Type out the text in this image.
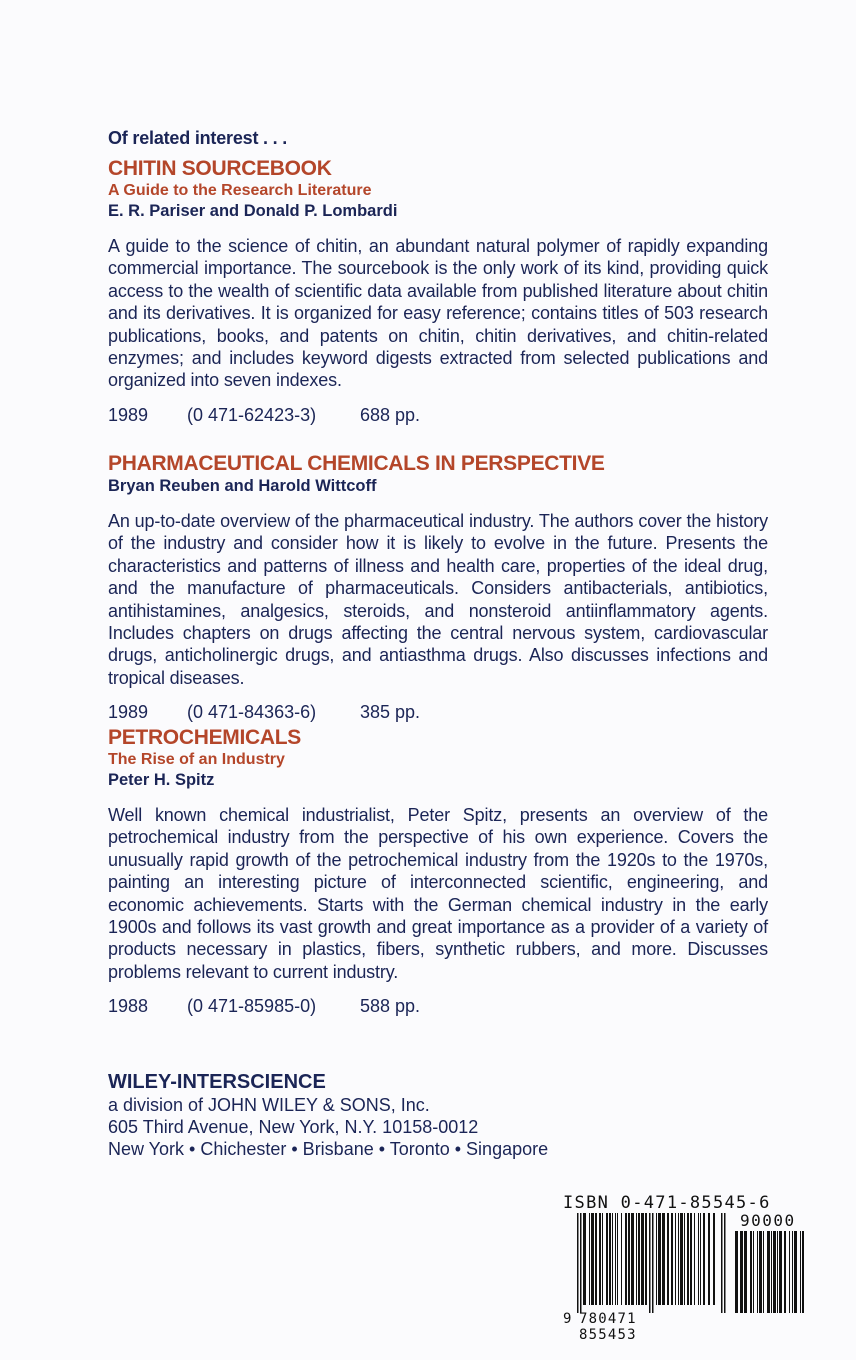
Of related interest . . .

CHITIN SOURCEBOOK

A Guide to the Research Literature

E. R. Pariser and Donald P. Lombardi

A guide to the science of chitin, an abundant natural polymer of rapidly expanding commercial importance. The sourcebook is the only work of its kind, providing quick access to the wealth of scientific data available from published literature about chitin and its derivatives. It is organized for easy reference; contains titles of 503 research publications, books, and patents on chitin, chitin derivatives, and chitin-related enzymes; and includes keyword digests extracted from selected publications and organized into seven indexes.

1989 (0 471-62423-3) 688 pp.

PHARMACEUTICAL CHEMICALS IN PERSPECTIVE

Bryan Reuben and Harold Wittcoff

An up-to-date overview of the pharmaceutical industry. The authors cover the history of the industry and consider how it is likely to evolve in the future. Presents the characteristics and patterns of illness and health care, properties of the ideal drug, and the manufacture of pharmaceuticals. Considers antibacterials, antibiotics, antihistamines, analgesics, steroids, and nonsteroid antiinflammatory agents. Includes chapters on drugs affecting the central nervous system, cardiovascular drugs, anticholinergic drugs, and antiasthma drugs. Also discusses infections and tropical diseases.

1989 (0 471-84363-6) 385 pp.

PETROCHEMICALS

The Rise of an Industry

Peter H. Spitz

Well known chemical industrialist, Peter Spitz, presents an overview of the petrochemical industry from the perspective of his own experience. Covers the unusually rapid growth of the petrochemical industry from the 1920s to the 1970s, painting an interesting picture of interconnected scientific, engineering, and economic achievements. Starts with the German chemical industry in the early 1900s and follows its vast growth and great importance as a provider of a variety of products necessary in plastics, fibers, synthetic rubbers, and more. Discusses problems relevant to current industry.

1988 (0 471-85985-0) 588 pp.

WILEY-INTERSCIENCE

a division of JOHN WILEY & SONS, Inc.

605 Third Avenue, New York, N.Y. 10158-0012

New York • Chichester • Brisbane • Toronto • Singapore

ISBN 0-471-85545-6
90000
9 780471 855453
